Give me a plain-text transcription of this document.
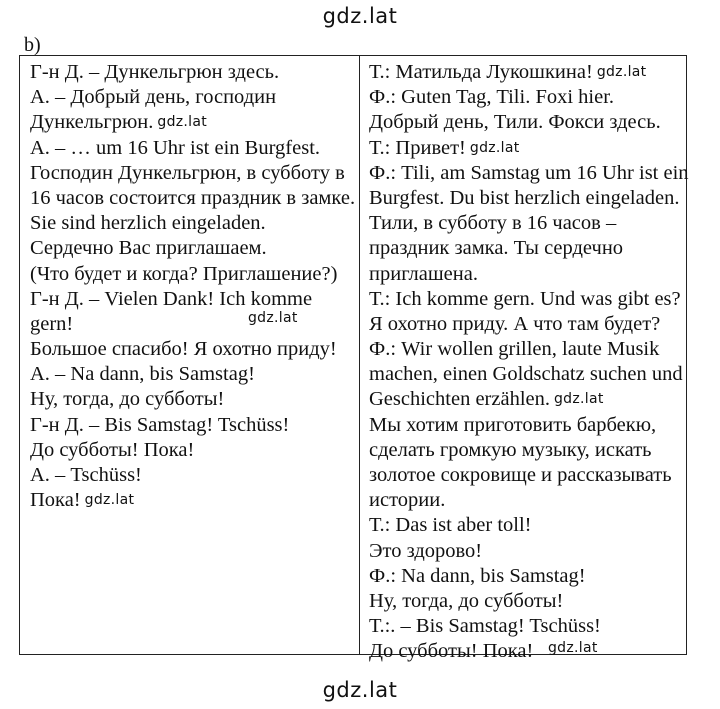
gdz.lat
b)
Г-н Д. – Дункельгрюн здесь.
А. – Добрый день, господин
Дункельгрюн. gdz.lat
А. – … um 16 Uhr ist ein Burgfest.
Господин Дункельгрюн, в субботу в
16 часов состоится праздник в замке.
Sie sind herzlich eingeladen.
Сердечно Вас приглашаем.
(Что будет и когда? Приглашение?)
Г-н Д. – Vielen Dank! Ich komme
gern!
Большое спасибо! Я охотно приду!
А. – Na dann, bis Samstag!
Ну, тогда, до субботы!
Г-н Д. – Bis Samstag! Tschüss!
До субботы! Пока!
А. – Tschüss!
Пока! gdz.lat
gdz.lat
Т.: Матильда Лукошкина! gdz.lat
Ф.: Guten Tag, Tili. Foxi hier.
Добрый день, Тили. Фокси здесь.
Т.: Привет! gdz.lat
Ф.: Tili, am Samstag um 16 Uhr ist ein
Burgfest. Du bist herzlich eingeladen.
Тили, в субботу в 16 часов –
праздник замка. Ты сердечно
приглашена.
Т.: Ich komme gern. Und was gibt es?
Я охотно приду. А что там будет?
Ф.: Wir wollen grillen, laute Musik
machen, einen Goldschatz suchen und
Geschichten erzählen. gdz.lat
Мы хотим приготовить барбекю,
сделать громкую музыку, искать
золотое сокровище и рассказывать
истории.
Т.: Das ist aber toll!
Это здорово!
Ф.: Na dann, bis Samstag!
Ну, тогда, до субботы!
Т.:. – Bis Samstag! Tschüss!
До субботы! Пока!	gdz.lat
gdz.lat
